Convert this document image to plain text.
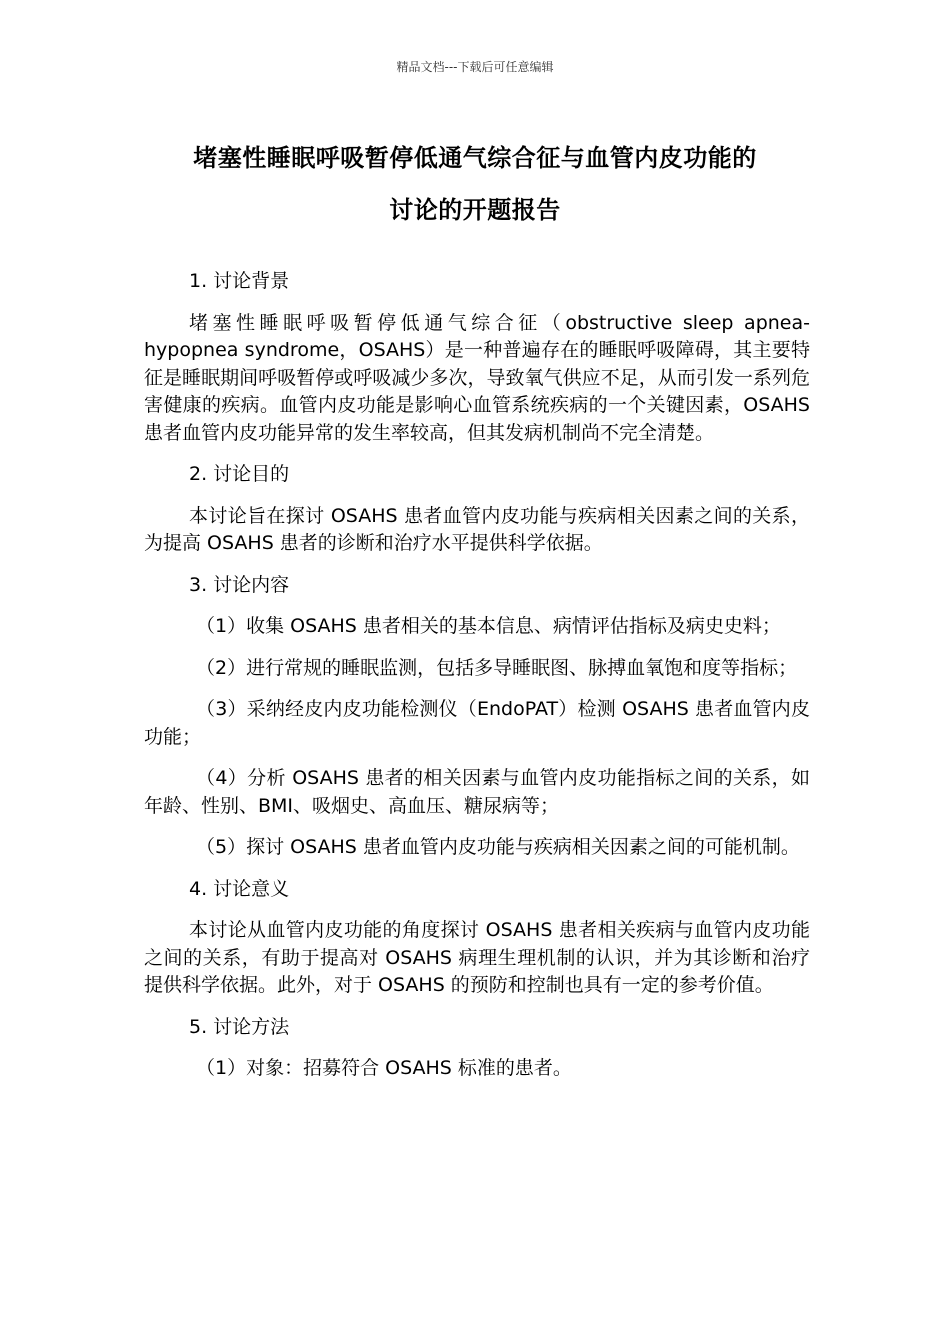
精品文档---下载后可任意编辑
堵塞性睡眠呼吸暂停低通气综合征与血管内皮功能的
讨论的开题报告

1. 讨论背景

堵塞性睡眠呼吸暂停低通气综合征（obstructive sleep apnea-hypopnea syndrome，OSAHS）是一种普遍存在的睡眠呼吸障碍，其主要特征是睡眠期间呼吸暂停或呼吸减少多次，导致氧气供应不足，从而引发一系列危害健康的疾病。血管内皮功能是影响心血管系统疾病的一个关键因素，OSAHS 患者血管内皮功能异常的发生率较高，但其发病机制尚不完全清楚。

2. 讨论目的

本讨论旨在探讨 OSAHS 患者血管内皮功能与疾病相关因素之间的关系，为提高 OSAHS 患者的诊断和治疗水平提供科学依据。

3. 讨论内容

（1）收集 OSAHS 患者相关的基本信息、病情评估指标及病史史料；

（2）进行常规的睡眠监测，包括多导睡眠图、脉搏血氧饱和度等指标；

（3）采纳经皮内皮功能检测仪（EndoPAT）检测 OSAHS 患者血管内皮功能；

（4）分析 OSAHS 患者的相关因素与血管内皮功能指标之间的关系，如年龄、性别、BMI、吸烟史、高血压、糖尿病等；

（5）探讨 OSAHS 患者血管内皮功能与疾病相关因素之间的可能机制。

4. 讨论意义

本讨论从血管内皮功能的角度探讨 OSAHS 患者相关疾病与血管内皮功能之间的关系，有助于提高对 OSAHS 病理生理机制的认识，并为其诊断和治疗提供科学依据。此外，对于 OSAHS 的预防和控制也具有一定的参考价值。

5. 讨论方法

（1）对象：招募符合 OSAHS 标准的患者。
